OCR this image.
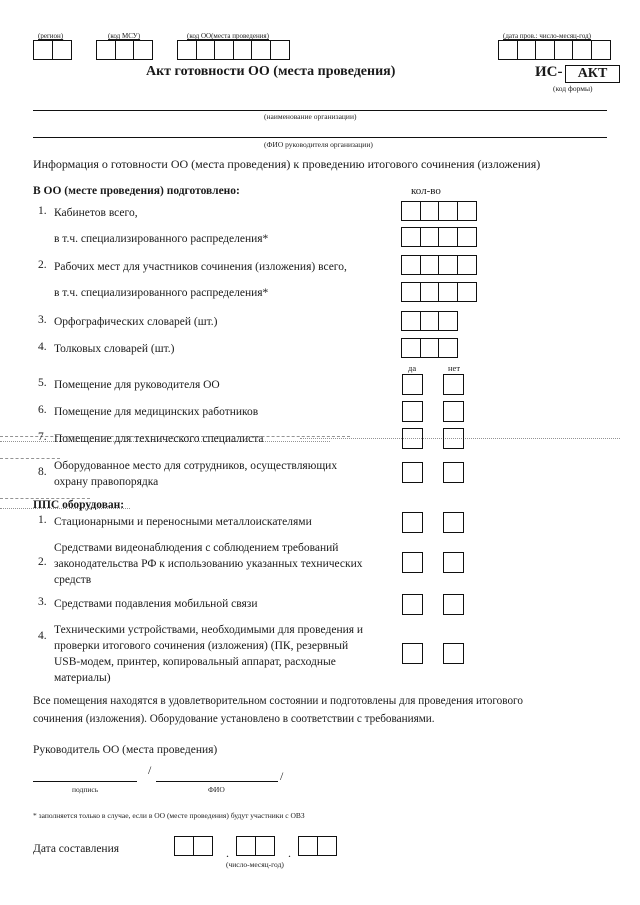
(регион)	(код МСУ)	(код ОО(места проведения)	(дата пров.: число-месяц-год)
Акт готовности ОО (места проведения)	ИС-	АКТ
(код формы)
(наименование организации)
(ФИО руководителя организации)
Информация о готовности ОО (места проведения) к проведению итогового сочинения (изложения)
В ОО (месте проведения) подготовлено:	кол-во
1. Кабинетов всего,
в т.ч. специализированного распределения*
2. Рабочих мест для участников сочинения (изложения) всего,
в т.ч. специализированного распределения*
3. Орфографических словарей (шт.)
4. Толковых словарей (шт.)
да	нет
5. Помещение для руководителя ОО
6. Помещение для медицинских работников
7. Помещение для технического специалиста
8. Оборудованное место для сотрудников, осуществляющих
охрану правопорядка
ППС оборудован:
1. Стационарными и переносными металлоискателями
2.
Средствами видеонаблюдения с соблюдением требований
законодательства РФ к использованию указанных технических
средств
3. Средствами подавления мобильной связи
4. Техническими устройствами, необходимыми для проведения и
проверки итогового сочинения (изложения) (ПК, резервный
USB-модем, принтер, копировальный аппарат, расходные
материалы)
Все помещения находятся в удовлетворительном состоянии и подготовлены для проведения итогового
сочинения (изложения). Оборудование установлено в соответствии с требованиями.
Руководитель ОО (места проведения)
/	/
подпись	ФИО
* заполняется только в случае, если в ОО (месте проведения) будут участники с ОВЗ
Дата составления	.	.
(число-месяц-год)
